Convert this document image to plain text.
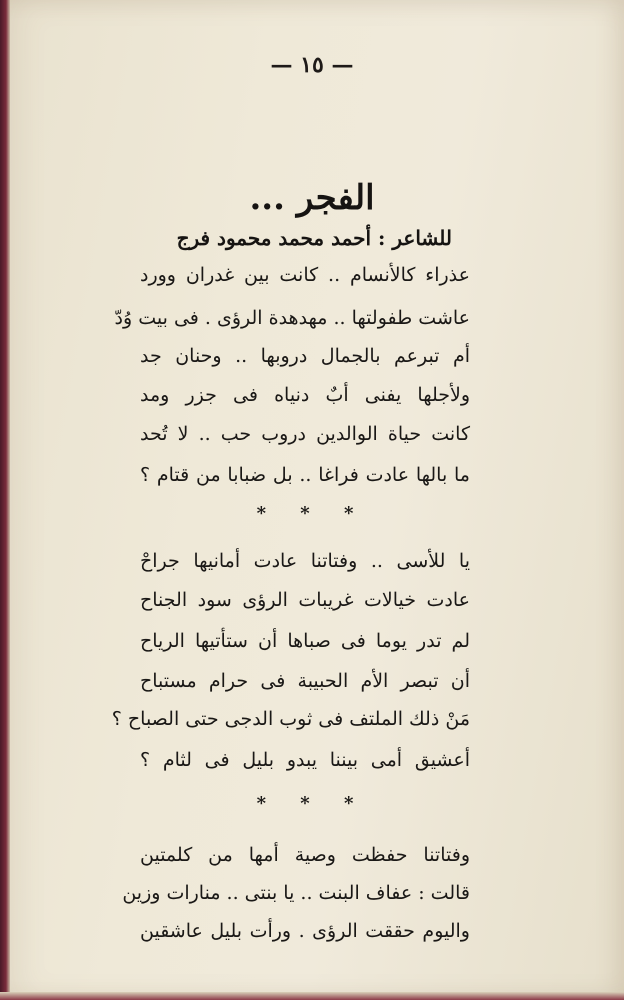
— ١٥ —
الفجر ...
للشاعر : أحمد محمد محمود فرج
عذراء كالأنسام .. كانت بين غدران وورد
عاشت طفولتها .. مهدهدة الرؤى . فى بيت وُدّ
أم تبرعم بالجمال دروبها .. وحنان جد
ولأجلها يفنى أبٌ دنياه فى جزر ومد
كانت حياة الوالدين دروب حب .. لا تُحد
ما بالها عادت فراغا .. بل ضبابا من قتام ؟
* * *
يا للأسى .. وفتاتنا عادت أمانيها جراحْ
عادت خيالات غريبات الرؤى سود الجناح
لم تدر يوما فى صباها أن ستأتيها الرياح
أن تبصر الأم الحبيبة فى حرام مستباح
مَنْ ذلك الملتف فى ثوب الدجى حتى الصباح ؟
أعشيق أمى بيننا يبدو بليل فى لثام ؟
* * *
وفتاتنا حفظت وصية أمها من كلمتين
قالت : عفاف البنت .. يا بنتى .. منارات وزين
واليوم حققت الرؤى . ورأت بليل عاشقين
